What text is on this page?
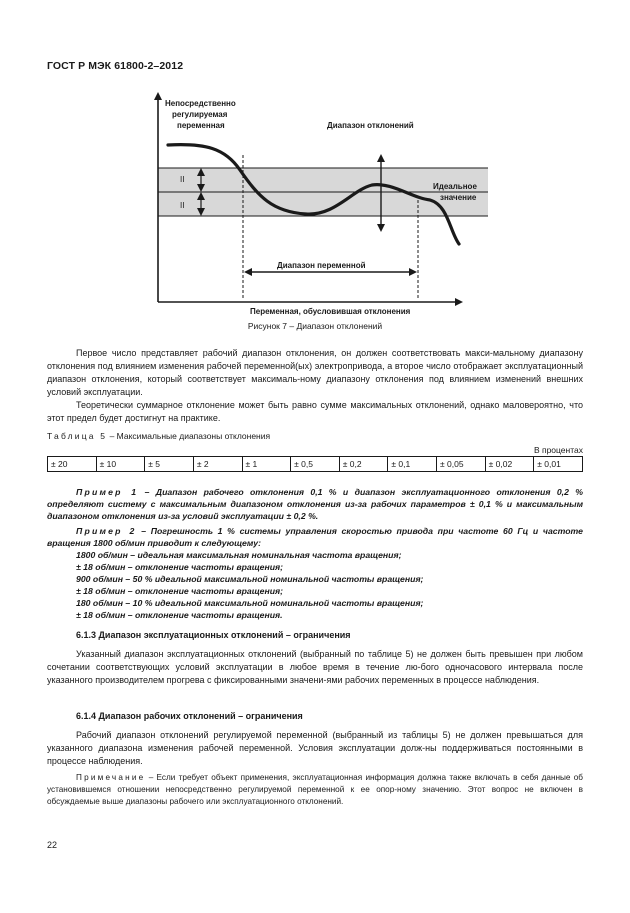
ГОСТ Р МЭК 61800-2–2012
Непосредственно
регулируемая
переменная	Диапазон отклонений
Идеальное
значение
Диапазон переменной
Переменная, обусловившая отклонения
II
II
Рисунок 7 – Диапазон отклонений

Первое число представляет рабочий диапазон отклонения, он должен соответствовать макси-мальному диапазону отклонения под влиянием изменения рабочей переменной(ых) электропривода, а второе число отображает эксплуатационный диапазон отклонения, который соответствует максималь-ному диапазону отклонения под влиянием изменений внешних условий эксплуатации.

Теоретически суммарное отклонение может быть равно сумме максимальных отклонений, однако маловероятно, что этот предел будет достигнут на практике.

Таблица 5 – Максимальные диапазоны отклонения
В процентах
± 20	± 10	± 5	± 2	± 1	± 0,5	± 0,2	± 0,1	± 0,05	± 0,02	± 0,01

Пример 1 – Диапазон рабочего отклонения 0,1 % и диапазон эксплуатационного отклонения 0,2 % определяют систему с максимальным диапазоном отклонения из-за рабочих параметров ± 0,1 % и максимальным диапазоном отклонения из-за условий эксплуатации ± 0,2 %.

Пример 2 – Погрешность 1 % системы управления скоростью привода при частоте 60 Гц и частоте вращения 1800 об/мин приводит к следующему:
1800 об/мин – идеальная максимальная номинальная частота вращения;
± 18 об/мин – отклонение частоты вращения;
900 об/мин – 50 % идеальной максимальной номинальной частоты вращения;
± 18 об/мин – отклонение частоты вращения;
180 об/мин – 10 % идеальной максимальной номинальной частоты вращения;
± 18 об/мин – отклонение частоты вращения.
6.1.3 Диапазон эксплуатационных отклонений – ограничения

Указанный диапазон эксплуатационных отклонений (выбранный по таблице 5) не должен быть превышен при любом сочетании соответствующих условий эксплуатации в любое время в течение лю-бого одночасового интервала после указанного производителем прогрева с фиксированными значени-ями рабочих переменных в процессе наблюдения.

6.1.4 Диапазон рабочих отклонений – ограничения

Рабочий диапазон отклонений регулируемой переменной (выбранный из таблицы 5) не должен превышаться для указанного диапазона изменения рабочей переменной. Условия эксплуатации долж-ны поддерживаться постоянными в процессе наблюдения.

Примечание – Если требует объект применения, эксплуатационная информация должна также включать в себя данные об установившемся отношении непосредственно регулируемой переменной к ее опор-ному значению. Этот вопрос не включен в обсуждаемые выше диапазоны рабочего или эксплуатационного отклонений.

22
